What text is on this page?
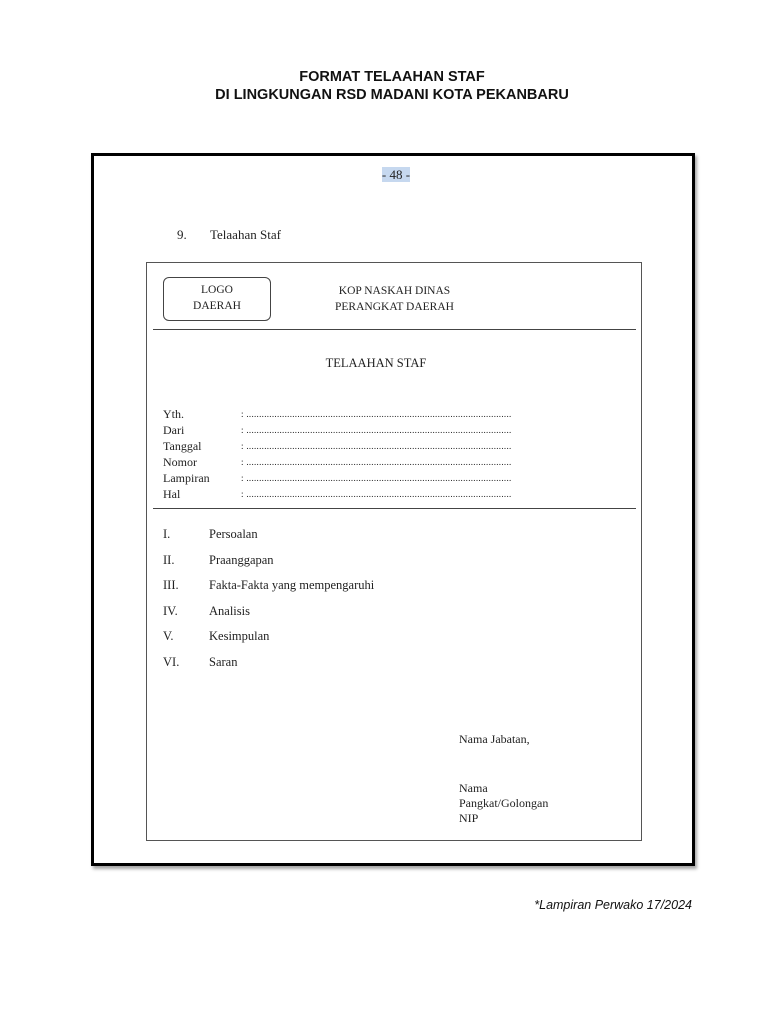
FORMAT TELAAHAN STAF
DI LINGKUNGAN RSD MADANI KOTA PEKANBARU
- 48 -
9. Telaahan Staf
LOGO
DAERAH
KOP NASKAH DINAS
PERANGKAT DAERAH
TELAAHAN STAF
Yth.	: ........................................................................................................
Dari	: ........................................................................................................
Tanggal	: ........................................................................................................
Nomor	: ........................................................................................................
Lampiran	: ........................................................................................................
Hal	: ........................................................................................................
I.	Persoalan
II.	Praanggapan
III.	Fakta-Fakta yang mempengaruhi
IV.	Analisis
V.	Kesimpulan
VI.	Saran
Nama Jabatan,
Nama
Pangkat/Golongan
NIP
*Lampiran Perwako 17/2024
